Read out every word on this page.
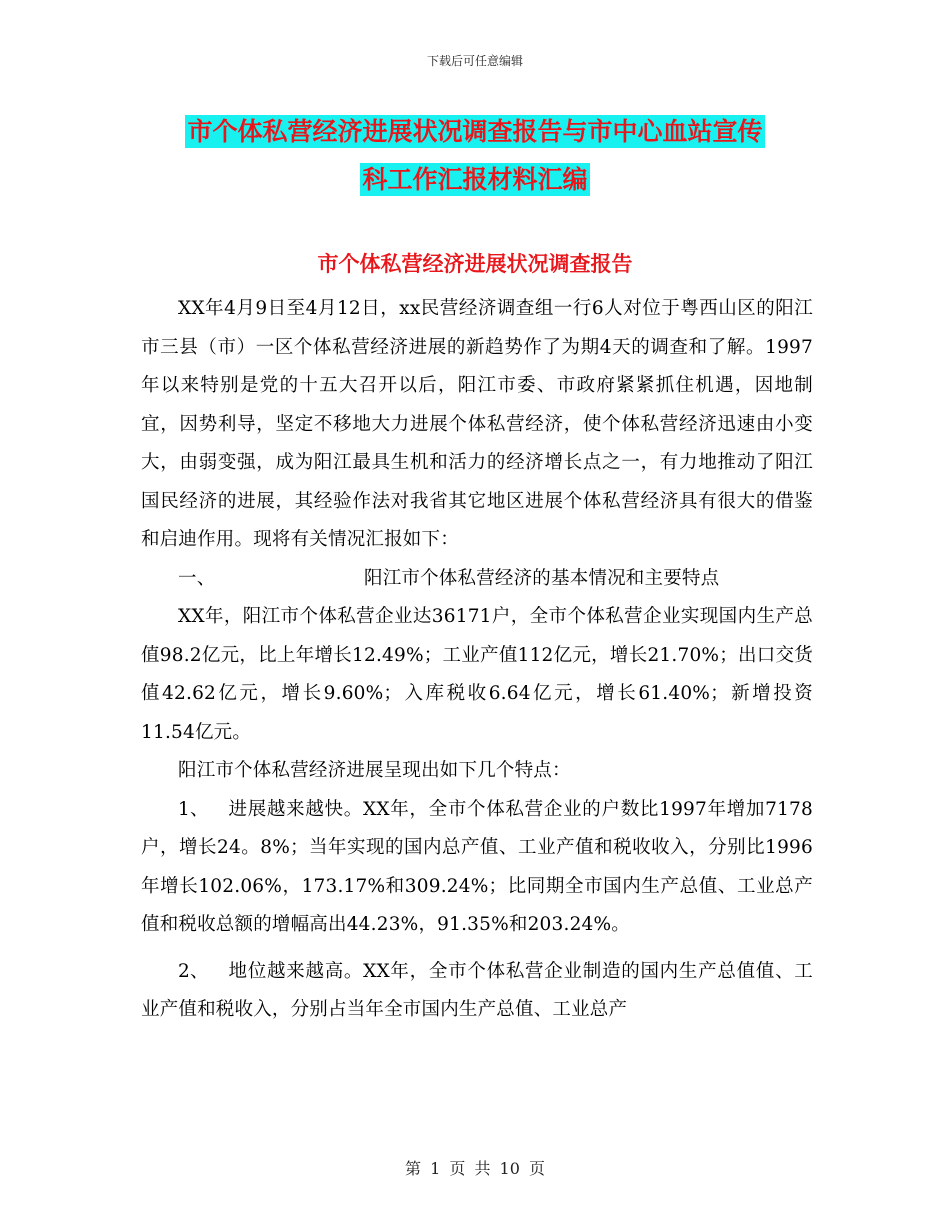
下载后可任意编辑
市个体私营经济进展状况调查报告与市中心血站宣传
科工作汇报材料汇编
市个体私营经济进展状况调查报告

XX年4月9日至4月12日，xx民营经济调查组一行6人对位于粤西山区的阳江市三县（市）一区个体私营经济进展的新趋势作了为期4天的调查和了解。1997年以来特别是党的十五大召开以后，阳江市委、市政府紧紧抓住机遇，因地制宜，因势利导，坚定不移地大力进展个体私营经济，使个体私营经济迅速由小变大，由弱变强，成为阳江最具生机和活力的经济增长点之一，有力地推动了阳江国民经济的进展，其经验作法对我省其它地区进展个体私营经济具有很大的借鉴和启迪作用。现将有关情况汇报如下：

一、	阳江市个体私营经济的基本情况和主要特点

XX年，阳江市个体私营企业达36171户，全市个体私营企业实现国内生产总值98.2亿元，比上年增长12.49%；工业产值112亿元，增长21.70%；出口交货值42.62亿元，增长9.60%；入库税收6.64亿元，增长61.40%；新增投资11.54亿元。

阳江市个体私营经济进展呈现出如下几个特点：

1、 进展越来越快。XX年，全市个体私营企业的户数比1997年增加7178户，增长24。8%；当年实现的国内总产值、工业产值和税收收入，分别比1996年增长102.06%，173.17%和309.24%；比同期全市国内生产总值、工业总产值和税收总额的增幅高出44.23%，91.35%和203.24%。

2、 地位越来越高。XX年，全市个体私营企业制造的国内生产总值值、工业产值和税收入，分别占当年全市国内生产总值、工业总产

第 1 页 共 10 页
